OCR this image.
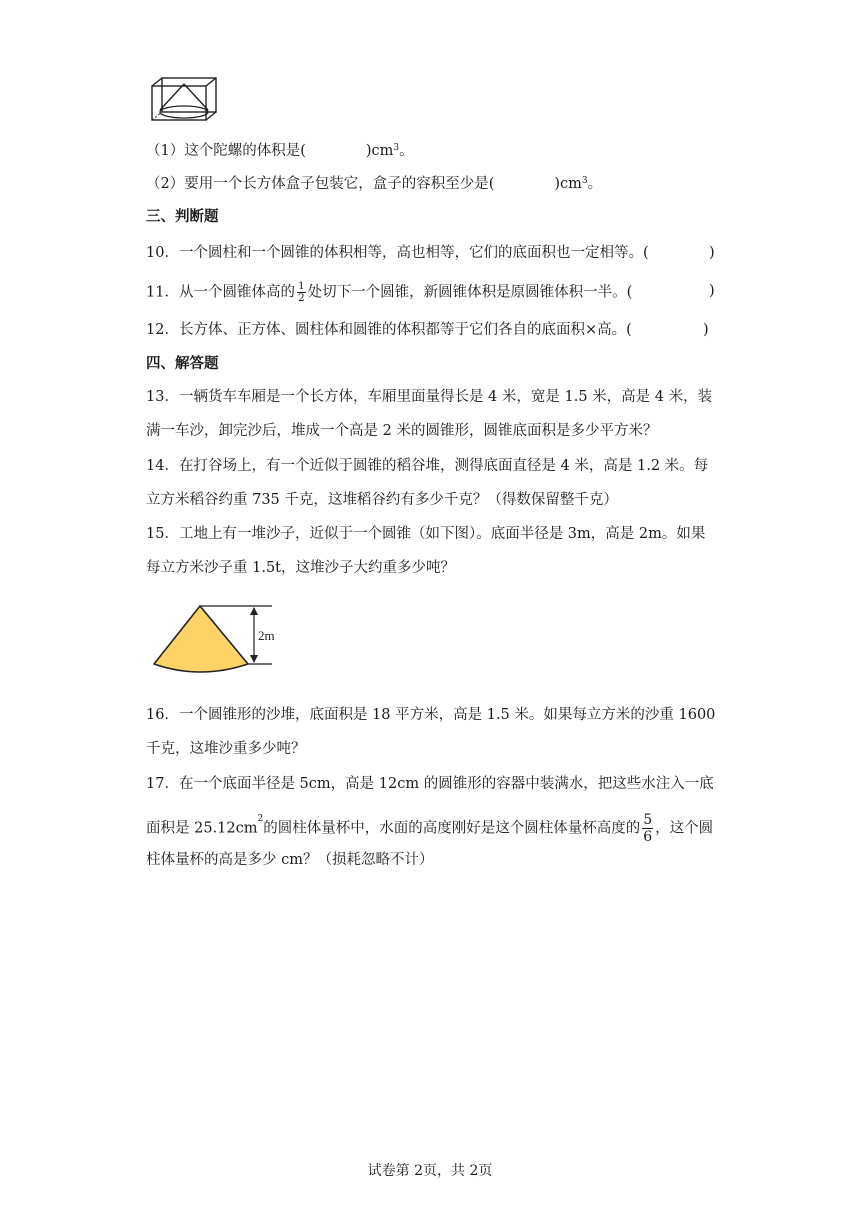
（1）这个陀螺的体积是(	)$cm^3$。
（2）要用一个长方体盒子包装它，盒子的容积至少是(	)$cm^3$。
三、判断题
10．一个圆柱和一个圆锥的体积相等，高也相等，它们的底面积也一定相等。(	)
11．从一个圆锥体高的 $\frac{1}{2}$ 处切下一个圆锥，新圆锥体积是原圆锥体积一半。(	)
12．长方体、正方体、圆柱体和圆锥的体积都等于它们各自的底面积×高。(	)
四、解答题
13．一辆货车车厢是一个长方体，车厢里面量得长是 4 米，宽是 1.5 米，高是 4 米，装
满一车沙，卸完沙后，堆成一个高是 2 米的圆锥形，圆锥底面积是多少平方米？
14．在打谷场上，有一个近似于圆锥的稻谷堆，测得底面直径是 4 米，高是 1.2 米。每
立方米稻谷约重 735 千克，这堆稻谷约有多少千克？（得数保留整千克）
15．工地上有一堆沙子，近似于一个圆锥（如下图）。底面半径是 3m，高是 2m。如果
每立方米沙子重 1.5t，这堆沙子大约重多少吨？
2m
16．一个圆锥形的沙堆，底面积是 18 平方米，高是 1.5 米。如果每立方米的沙重 1600
千克，这堆沙重多少吨？
17．在一个底面半径是 5cm，高是 12cm 的圆锥形的容器中装满水，把这些水注入一底
面积是 $25.12cm^2$的圆柱体量杯中，水面的高度刚好是这个圆柱体量杯高度的 $\frac{5}{6}$ ，这个圆
柱体量杯的高是多少 cm？（损耗忽略不计）
试卷第 2页，共 2页
